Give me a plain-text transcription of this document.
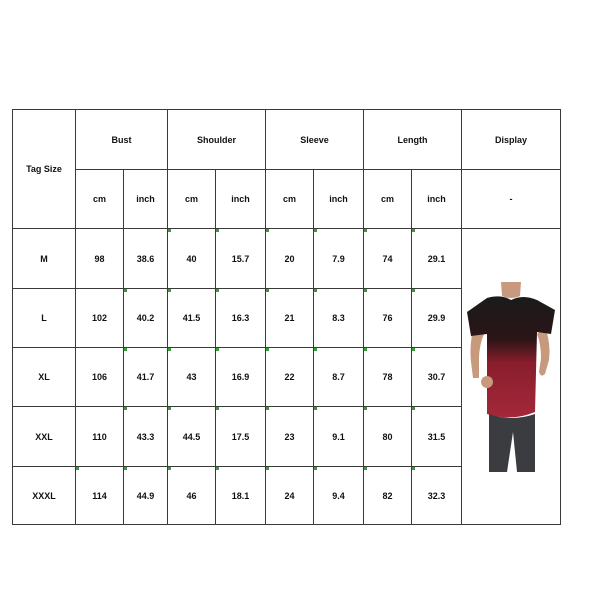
Tag Size	Bust		Shoulder		Sleeve		Length		Display
	cm	inch	cm	inch	cm	inch	cm	inch	-
M	98	38.6	40	15.7	20	7.9	74	29.1	

L	102	40.2	41.5	16.3	21	8.3	76	29.9	
XL	106	41.7	43	16.9	22	8.7	78	30.7	
XXL	110	43.3	44.5	17.5	23	9.1	80	31.5	
XXXL	114	44.9	46	18.1	24	9.4	82	32.3	
